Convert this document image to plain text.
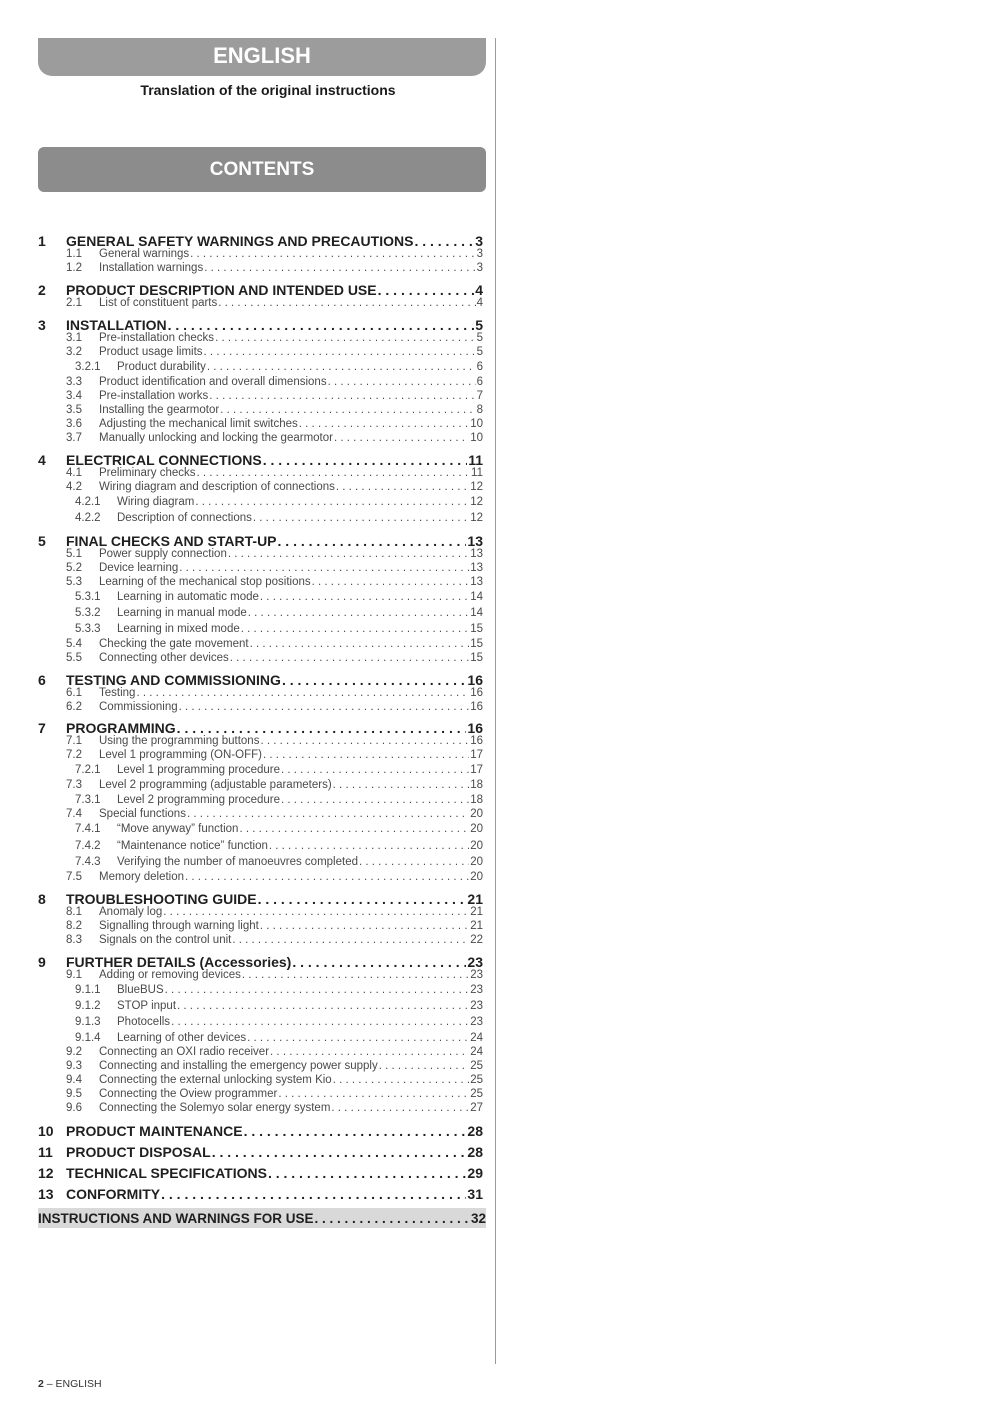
ENGLISH
Translation of the original instructions
CONTENTS
1	GENERAL SAFETY WARNINGS AND PRECAUTIONS . . .	3
1.1	General warnings . . .	3
1.2	Installation warnings . . .	3
2	PRODUCT DESCRIPTION AND INTENDED USE . . .	4
2.1	List of constituent parts . . .	4
3	INSTALLATION . . .	5
3.1	Pre-installation checks . . .	5
3.2	Product usage limits . . .	5
3.2.1	Product durability . . .	6
3.3	Product identification and overall dimensions . . .	6
3.4	Pre-installation works . . .	7
3.5	Installing the gearmotor . . .	8
3.6	Adjusting the mechanical limit switches . . .	10
3.7	Manually unlocking and locking the gearmotor . . .	10
4	ELECTRICAL CONNECTIONS . . .	11
4.1	Preliminary checks . . .	11
4.2	Wiring diagram and description of connections . . .	12
4.2.1	Wiring diagram . . .	12
4.2.2	Description of connections . . .	12
5	FINAL CHECKS AND START-UP . . .	13
5.1	Power supply connection . . .	13
5.2	Device learning . . .	13
5.3	Learning of the mechanical stop positions . . .	13
5.3.1	Learning in automatic mode . . .	14
5.3.2	Learning in manual mode . . .	14
5.3.3	Learning in mixed mode . . .	15
5.4	Checking the gate movement . . .	15
5.5	Connecting other devices . . .	15
6	TESTING AND COMMISSIONING . . .	16
6.1	Testing . . .	16
6.2	Commissioning . . .	16
7	PROGRAMMING . . .	16
7.1	Using the programming buttons . . .	16
7.2	Level 1 programming (ON-OFF) . . .	17
7.2.1	Level 1 programming procedure . . .	17
7.3	Level 2 programming (adjustable parameters) . . .	18
7.3.1	Level 2 programming procedure . . .	18
7.4	Special functions . . .	20
7.4.1	“Move anyway” function . . .	20
7.4.2	“Maintenance notice” function . . .	20
7.4.3	Verifying the number of manoeuvres completed . . .	20
7.5	Memory deletion . . .	20
8	TROUBLESHOOTING GUIDE . . .	21
8.1	Anomaly log . . .	21
8.2	Signalling through warning light . . .	21
8.3	Signals on the control unit . . .	22
9	FURTHER DETAILS (Accessories) . . .	23
9.1	Adding or removing devices . . .	23
9.1.1	BlueBUS . . .	23
9.1.2	STOP input . . .	23
9.1.3	Photocells . . .	23
9.1.4	Learning of other devices . . .	24
9.2	Connecting an OXI radio receiver . . .	24
9.3	Connecting and installing the emergency power supply . . .	25
9.4	Connecting the external unlocking system Kio . . .	25
9.5	Connecting the Oview programmer . . .	25
9.6	Connecting the Solemyo solar energy system . . .	27
10 PRODUCT MAINTENANCE . . .	28
11 PRODUCT DISPOSAL . . .	28
12 TECHNICAL SPECIFICATIONS . . .	29
13 CONFORMITY . . .	31
INSTRUCTIONS AND WARNINGS FOR USE . . .	32
2 – ENGLISH
